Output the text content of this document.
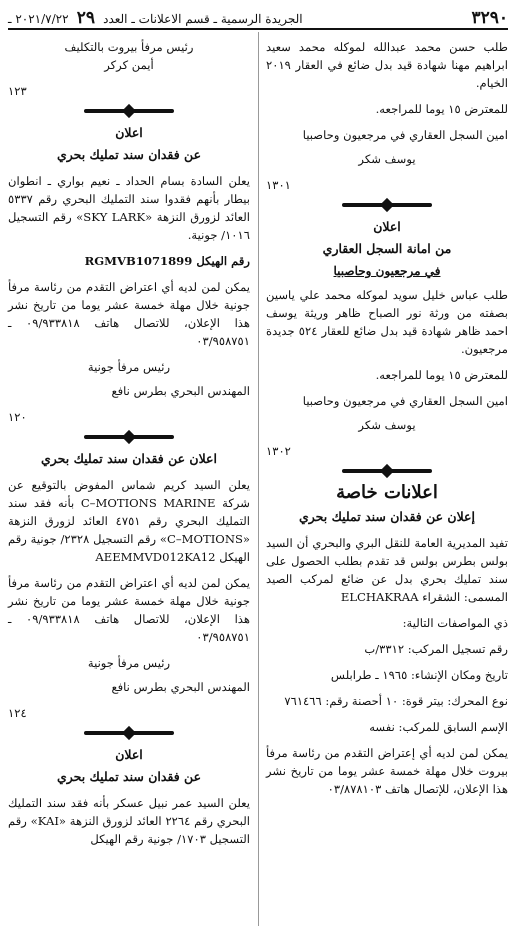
٣٢٩٠
الجريدة الرسمية ـ قسم الاعلانات ـ العدد ٢٩ ٢٠٢١/٧/٢٢ ـ

طلب حسن محمد عبدالله لموكله محمد سعيد ابراهيم مهنا شهادة قيد بدل ضائع في العقار ٢٠١٩ الخيام.

للمعترض ١٥ يوما للمراجعه.

امين السجل العقاري في مرجعيون وحاصبيا

يوسف شكر

١٣٠١

اعلان
من امانة السجل العقاري
في مرجعيون وحاصبيا

طلب عباس خليل سويد لموكله محمد علي ياسين بصفته من ورثة نور الصباح ظاهر وريثة يوسف احمد ظاهر شهادة قيد بدل ضائع للعقار ٥٢٤ جديدة مرجعيون.

للمعترض ١٥ يوما للمراجعه.

امين السجل العقاري في مرجعيون وحاصبيا

يوسف شكر

١٣٠٢

اعلانات خاصة
إعلان عن فقدان سند تمليك بحري

تفيد المديرية العامة للنقل البري والبحري أن السيد بولس بطرس بولس قد تقدم بطلب الحصول على سند تمليك بحري بدل عن ضائع لمركب الصيد المسمى: الشقراء ELCHAKRAA

ذي المواصفات التالية:

رقم تسجيل المركب: ٣٣١٢/ب

تاريخ ومكان الإنشاء: ١٩٦٥ ـ طرابلس

نوع المحرك: بيتر قوة: ١٠ أحصنة رقم: ٧٦١٤٦٦

الإسم السابق للمركب: نفسه

يمكن لمن لديه أي إعتراض التقدم من رئاسة مرفأ بيروت خلال مهلة خمسة عشر يوما من تاريخ نشر هذا الإعلان، للإتصال هاتف ٠٣/٨٧٨١٠٣

رئيس مرفأ بيروت بالتكليف

أيمن كركر

١٢٣

اعلان
عن فقدان سند تمليك بحري

يعلن السادة بسام الحداد ـ نعيم بواري ـ انطوان بيطار بأنهم فقدوا سند التمليك البحري رقم ٥٣٣٧ العائد لزورق النزهة «SKY LARK» رقم التسجيل ١٠١٦/ جونية.

رقم الهيكل RGMVB1071899

يمكن لمن لديه أي اعتراض التقدم من رئاسة مرفأ جونية خلال مهلة خمسة عشر يوما من تاريخ نشر هذا الإعلان، للاتصال هاتف ٠٩/٩٣٣٨١٨ ـ ٠٣/٩٥٨٧٥١

رئيس مرفأ جونية

المهندس البحري بطرس نافع

١٢٠

اعلان عن فقدان سند تمليك بحري

يعلن السيد كريم شماس المفوض بالتوقيع عن شركة C–MOTIONS MARINE بأنه فقد سند التمليك البحري رقم ٤٧٥١ العائد لزورق النزهة «C–MOTIONS» رقم التسجيل ٢٣٢٨/ جونية رقم الهيكل AEEMMVD012KA12

يمكن لمن لديه أي اعتراض التقدم من رئاسة مرفأ جونية خلال مهلة خمسة عشر يوما من تاريخ نشر هذا الإعلان، للاتصال هاتف ٠٩/٩٣٣٨١٨ ـ ٠٣/٩٥٨٧٥١

رئيس مرفأ جونية

المهندس البحري بطرس نافع

١٢٤

اعلان
عن فقدان سند تمليك بحري

يعلن السيد عمر نبيل عسكر بأنه فقد سند التمليك البحري رقم ٢٢٦٤ العائد لزورق النزهة «KAI» رقم التسجيل ١٧٠٣/ جونية رقم الهيكل
